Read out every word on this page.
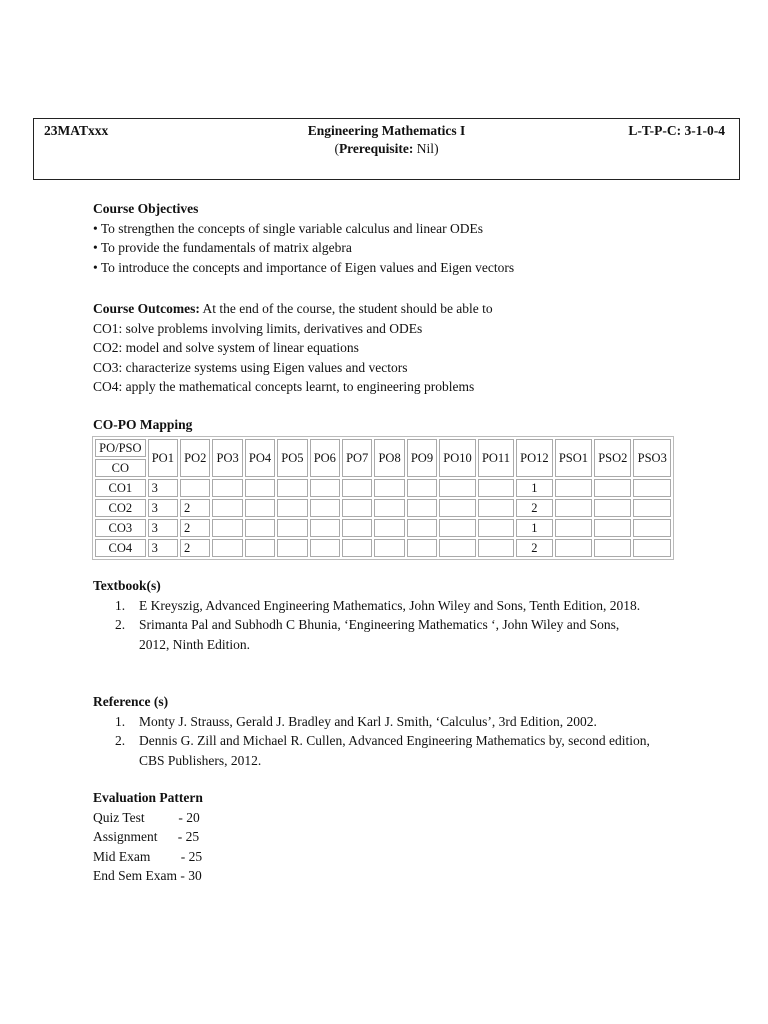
23MATxxx	Engineering Mathematics I	L-T-P-C: 3-1-0-4
(Prerequisite: Nil)
Course Objectives
• To strengthen the concepts of single variable calculus and linear ODEs
• To provide the fundamentals of matrix algebra
• To introduce the concepts and importance of Eigen values and Eigen vectors
Course Outcomes: At the end of the course, the student should be able to
CO1: solve problems involving limits, derivatives and ODEs
CO2: model and solve system of linear equations
CO3: characterize systems using Eigen values and vectors
CO4: apply the mathematical concepts learnt, to engineering problems
CO-PO Mapping
PO/PSO	PO1	PO2	PO3	PO4	PO5	PO6	PO7	PO8	PO9	PO10	PO11	PO12	PSO1	PSO2	PSO3
CO															
CO1	3											1			
CO2	3	2										2			
CO3	3	2										1			
CO4	3	2										2			
Textbook(s)
1. E Kreyszig, Advanced Engineering Mathematics, John Wiley and Sons, Tenth Edition, 2018.
2. Srimanta Pal and Subhodh C Bhunia, ‘Engineering Mathematics ‘, John Wiley and Sons, 2012, Ninth Edition.
Reference (s)
1. Monty J. Strauss, Gerald J. Bradley and Karl J. Smith, ‘Calculus’, 3rd Edition, 2002.
2. Dennis G. Zill and Michael R. Cullen, Advanced Engineering Mathematics by, second edition, CBS Publishers, 2012.
Evaluation Pattern
Quiz Test          - 20
Assignment      - 25
Mid Exam         - 25
End Sem Exam - 30
